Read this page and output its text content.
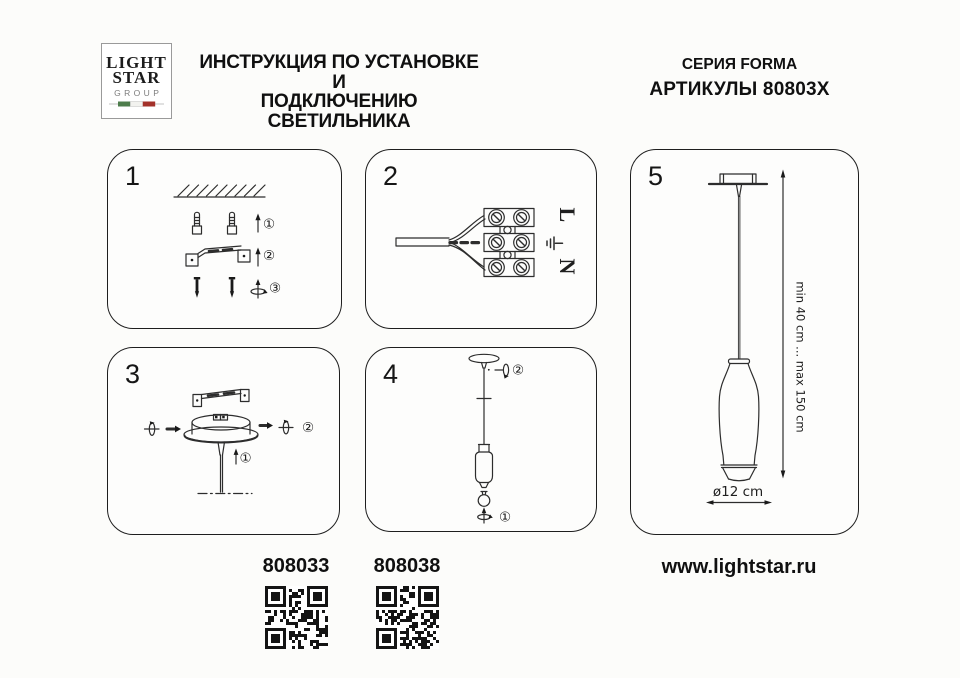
LIGHT
STAR
GROUP
ИНСТРУКЦИЯ ПО УСТАНОВКЕ И
ПОДКЛЮЧЕНИЮ СВЕТИЛЬНИКА
СЕРИЯ FORMA
АРТИКУЛЫ 80803X
1
①
②
③
2
L
N
3
①
②
4	②
①
5
min 40 cm ... max 150 cm
ø12 cm
808033	808038	www.lightstar.ru
